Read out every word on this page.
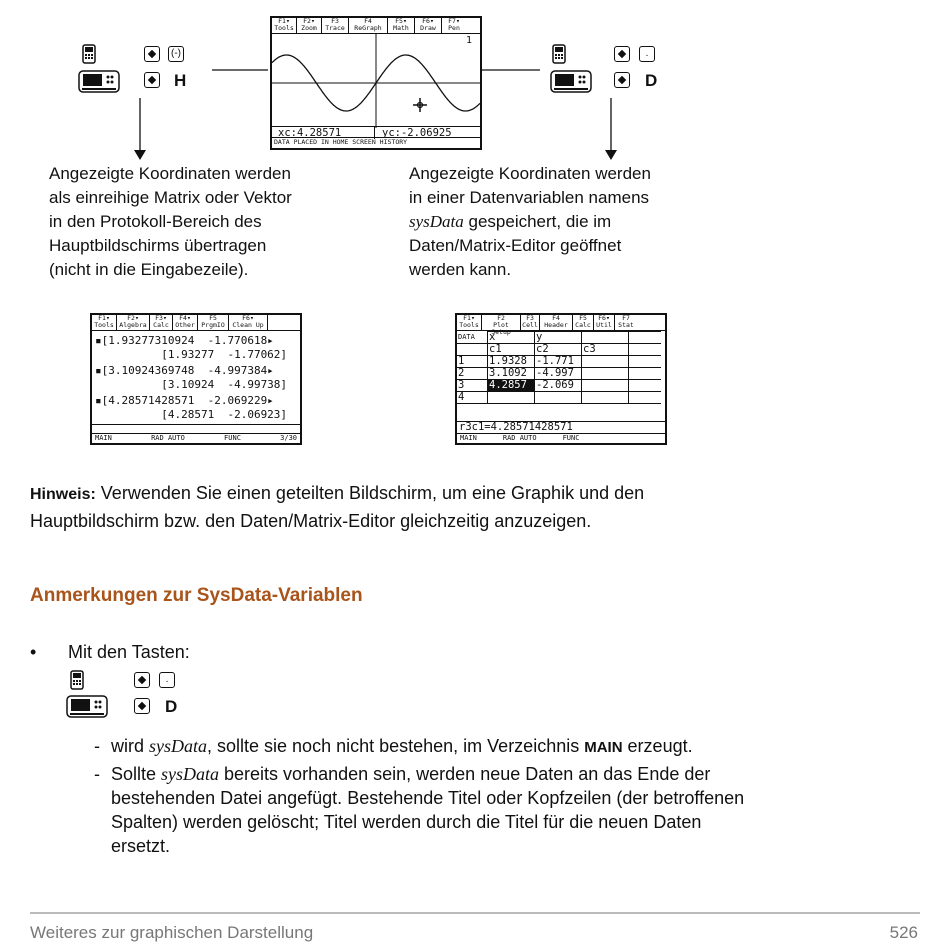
(-)
H
.
D
F1▾
Tools
F2▾
Zoom
F3
Trace
F4
ReGraph
F5▾
Math
F6▾
Draw
F7▾
Pen
1
xc:4.28571	yc:-2.06925
DATA PLACED IN HOME SCREEN HISTORY
Angezeigte Koordinaten werden
als einreihige Matrix oder Vektor
in den Protokoll-Bereich des
Hauptbildschirms übertragen
(nicht in die Eingabezeile).
Angezeigte Koordinaten werden
in einer Datenvariablen namens
sysData gespeichert, die im
Daten/Matrix-Editor geöffnet
werden kann.
F1▾
Tools
F2▾
Algebra
F3▾
Calc
F4▾
Other
F5
PrgmIO
F6▾
Clean Up
▪[1.93277310924  -1.770618▸
[1.93277  -1.77062]
▪[3.10924369748  -4.997384▸
[3.10924  -4.99738]
▪[4.28571428571  -2.069229▸
[4.28571  -2.06923]
MAIN	RAD AUTO	FUNC	3/30
F1▾
Tools
F2
Plot Setup
F3
Cell
F4
Header
F5
Calc
F6▾
Util
F7
Stat
DATA	x	y		
	c1	c2	c3	
1	1.9328	-1.771		
2	3.1092	-4.997		
3	4.2857	-2.069		
4				
r3c1=4.28571428571
MAIN	RAD AUTO	FUNC
Hinweis: Verwenden Sie einen geteilten Bildschirm, um eine Graphik und den
Hauptbildschirm bzw. den Daten/Matrix-Editor gleichzeitig anzuzeigen.
Anmerkungen zur SysData-Variablen
• Mit den Tasten:
.
D
- wird sysData, sollte sie noch nicht bestehen, im Verzeichnis MAIN erzeugt.
- Sollte sysData bereits vorhanden sein, werden neue Daten an das Ende der
bestehenden Datei angefügt. Bestehende Titel oder Kopfzeilen (der betroffenen
Spalten) werden gelöscht; Titel werden durch die Titel für die neuen Daten
ersetzt.
Weiteres zur graphischen Darstellung	526
